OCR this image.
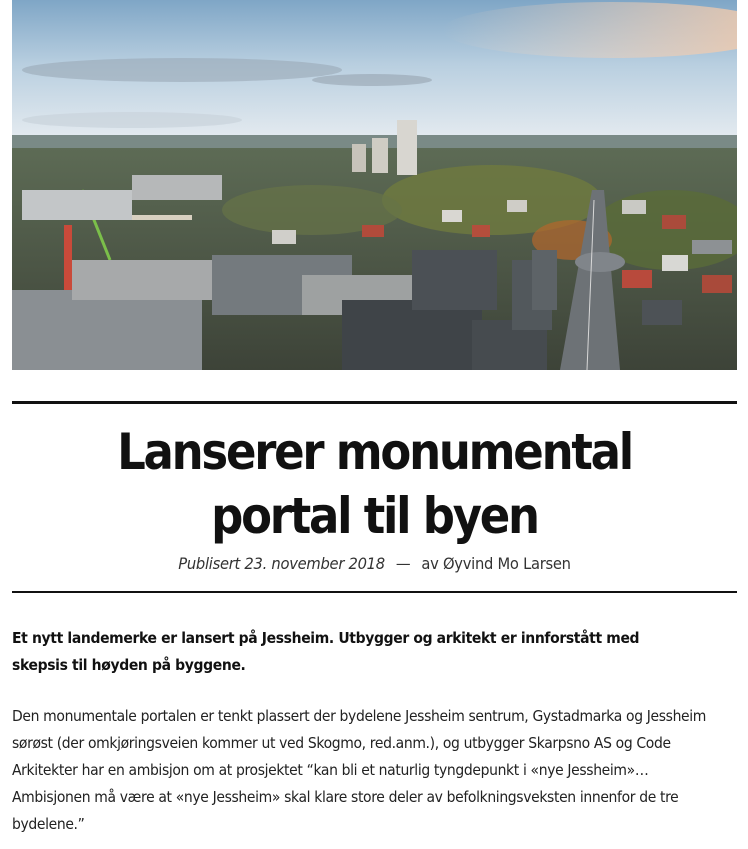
Lanserer monumental portal til byen
Publisert 23. november 2018 — av Øyvind Mo Larsen

Et nytt landemerke er lansert på Jessheim. Utbygger og arkitekt er innforstått med skepsis til høyden på byggene.

Den monumentale portalen er tenkt plassert der bydelene Jessheim sentrum, Gystadmarka og Jessheim sørøst (der omkjøringsveien kommer ut ved Skogmo, red.anm.), og utbygger Skarpsno AS og Code Arkitekter har en ambisjon om at prosjektet “kan bli et naturlig tyngdepunkt i «nye Jessheim»… Ambisjonen må være at «nye Jessheim» skal klare store deler av befolkningsveksten innenfor de tre bydelene.”
